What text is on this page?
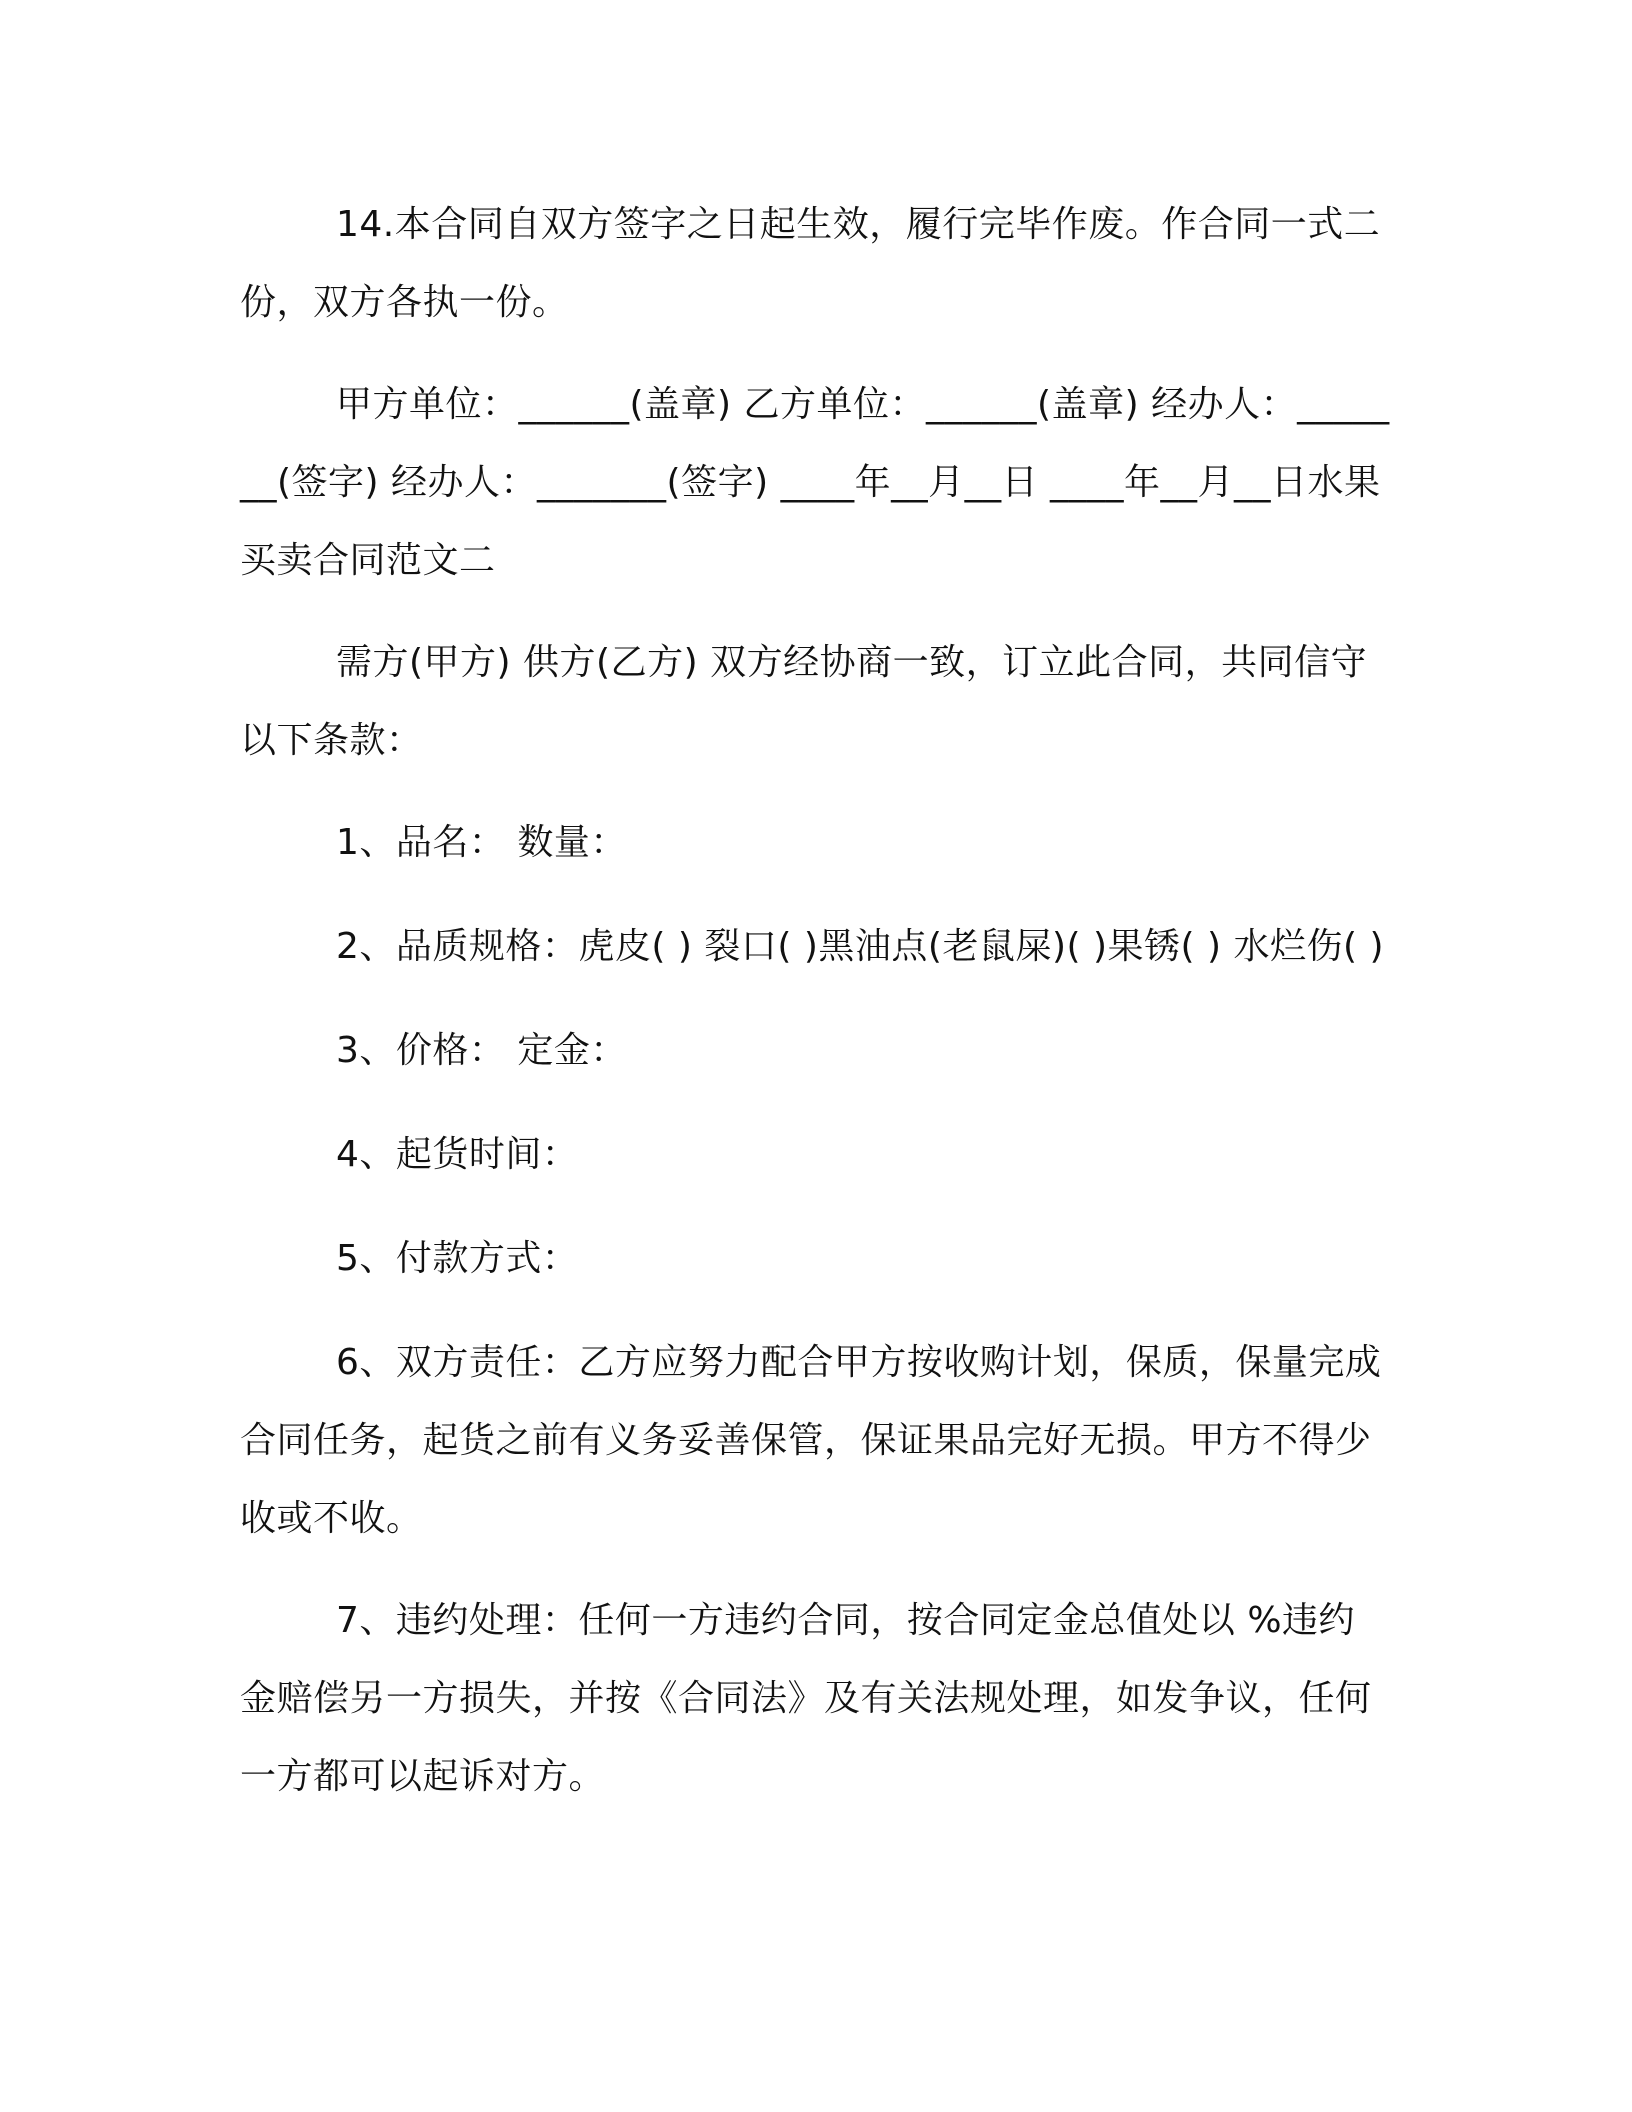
14.本合同自双方签字之日起生效，履行完毕作废。作合同一式二份，双方各执一份。

甲方单位：______(盖章) 乙方单位：______(盖章) 经办人：_______(签字) 经办人：_______(签字) ____年__月__日 ____年__月__日水果买卖合同范文二

需方(甲方) 供方(乙方) 双方经协商一致，订立此合同，共同信守以下条款：

1、品名： 数量：

2、品质规格：虎皮( ) 裂口( )黑油点(老鼠屎)( )果锈( ) 水烂伤( )

3、价格： 定金：

4、起货时间：

5、付款方式：

6、双方责任：乙方应努力配合甲方按收购计划，保质，保量完成合同任务，起货之前有义务妥善保管，保证果品完好无损。甲方不得少收或不收。

7、违约处理：任何一方违约合同，按合同定金总值处以 %违约金赔偿另一方损失，并按《合同法》及有关法规处理，如发争议，任何一方都可以起诉对方。
